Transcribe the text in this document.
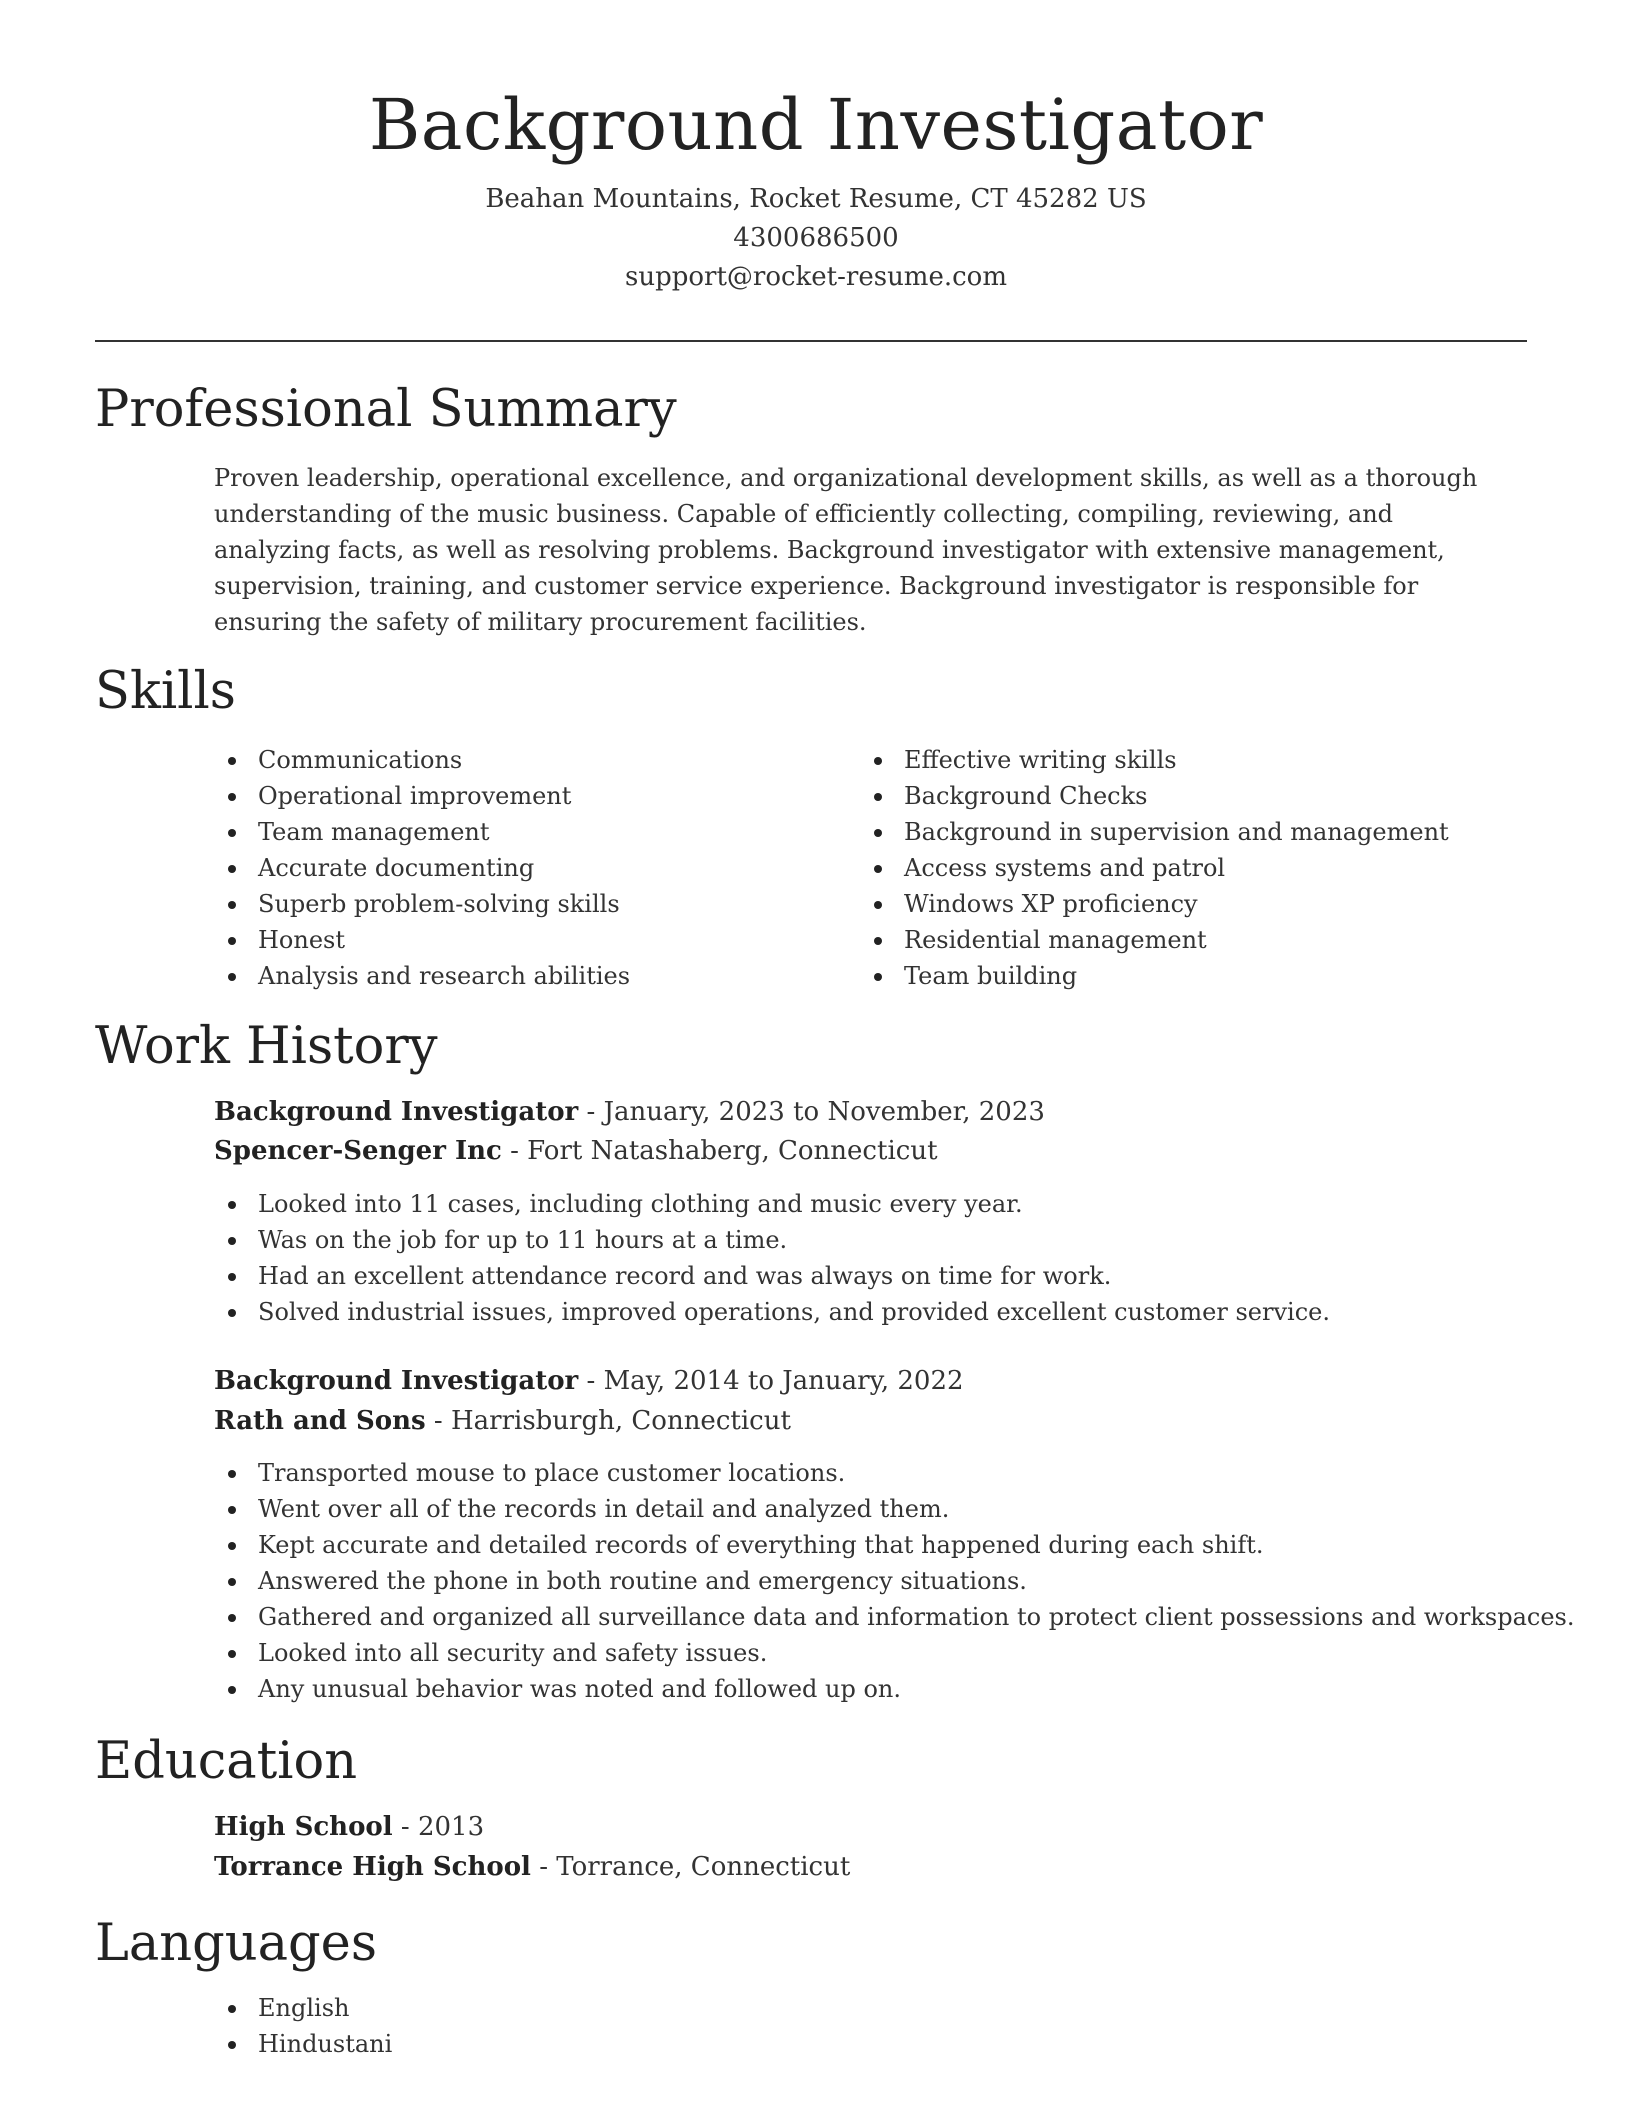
Background Investigator
Beahan Mountains, Rocket Resume, CT 45282 US
4300686500
support@rocket-resume.com
Professional Summary

Proven leadership, operational excellence, and organizational development skills, as well as a thorough understanding of the music business. Capable of efficiently collecting, compiling, reviewing, and analyzing facts, as well as resolving problems. Background investigator with extensive management, supervision, training, and customer service experience. Background investigator is responsible for ensuring the safety of military procurement facilities.

Skills
Communications
Operational improvement
Team management
Accurate documenting
Superb problem-solving skills
Honest
Analysis and research abilities
Effective writing skills
Background Checks
Background in supervision and management
Access systems and patrol
Windows XP proficiency
Residential management
Team building
Work History
Background Investigator - January, 2023 to November, 2023
Spencer-Senger Inc - Fort Natashaberg, Connecticut
Looked into 11 cases, including clothing and music every year.
Was on the job for up to 11 hours at a time.
Had an excellent attendance record and was always on time for work.
Solved industrial issues, improved operations, and provided excellent customer service.
Background Investigator - May, 2014 to January, 2022
Rath and Sons - Harrisburgh, Connecticut
Transported mouse to place customer locations.
Went over all of the records in detail and analyzed them.
Kept accurate and detailed records of everything that happened during each shift.
Answered the phone in both routine and emergency situations.
Gathered and organized all surveillance data and information to protect client possessions and workspaces.
Looked into all security and safety issues.
Any unusual behavior was noted and followed up on.
Education
High School - 2013
Torrance High School - Torrance, Connecticut
Languages
English
Hindustani
